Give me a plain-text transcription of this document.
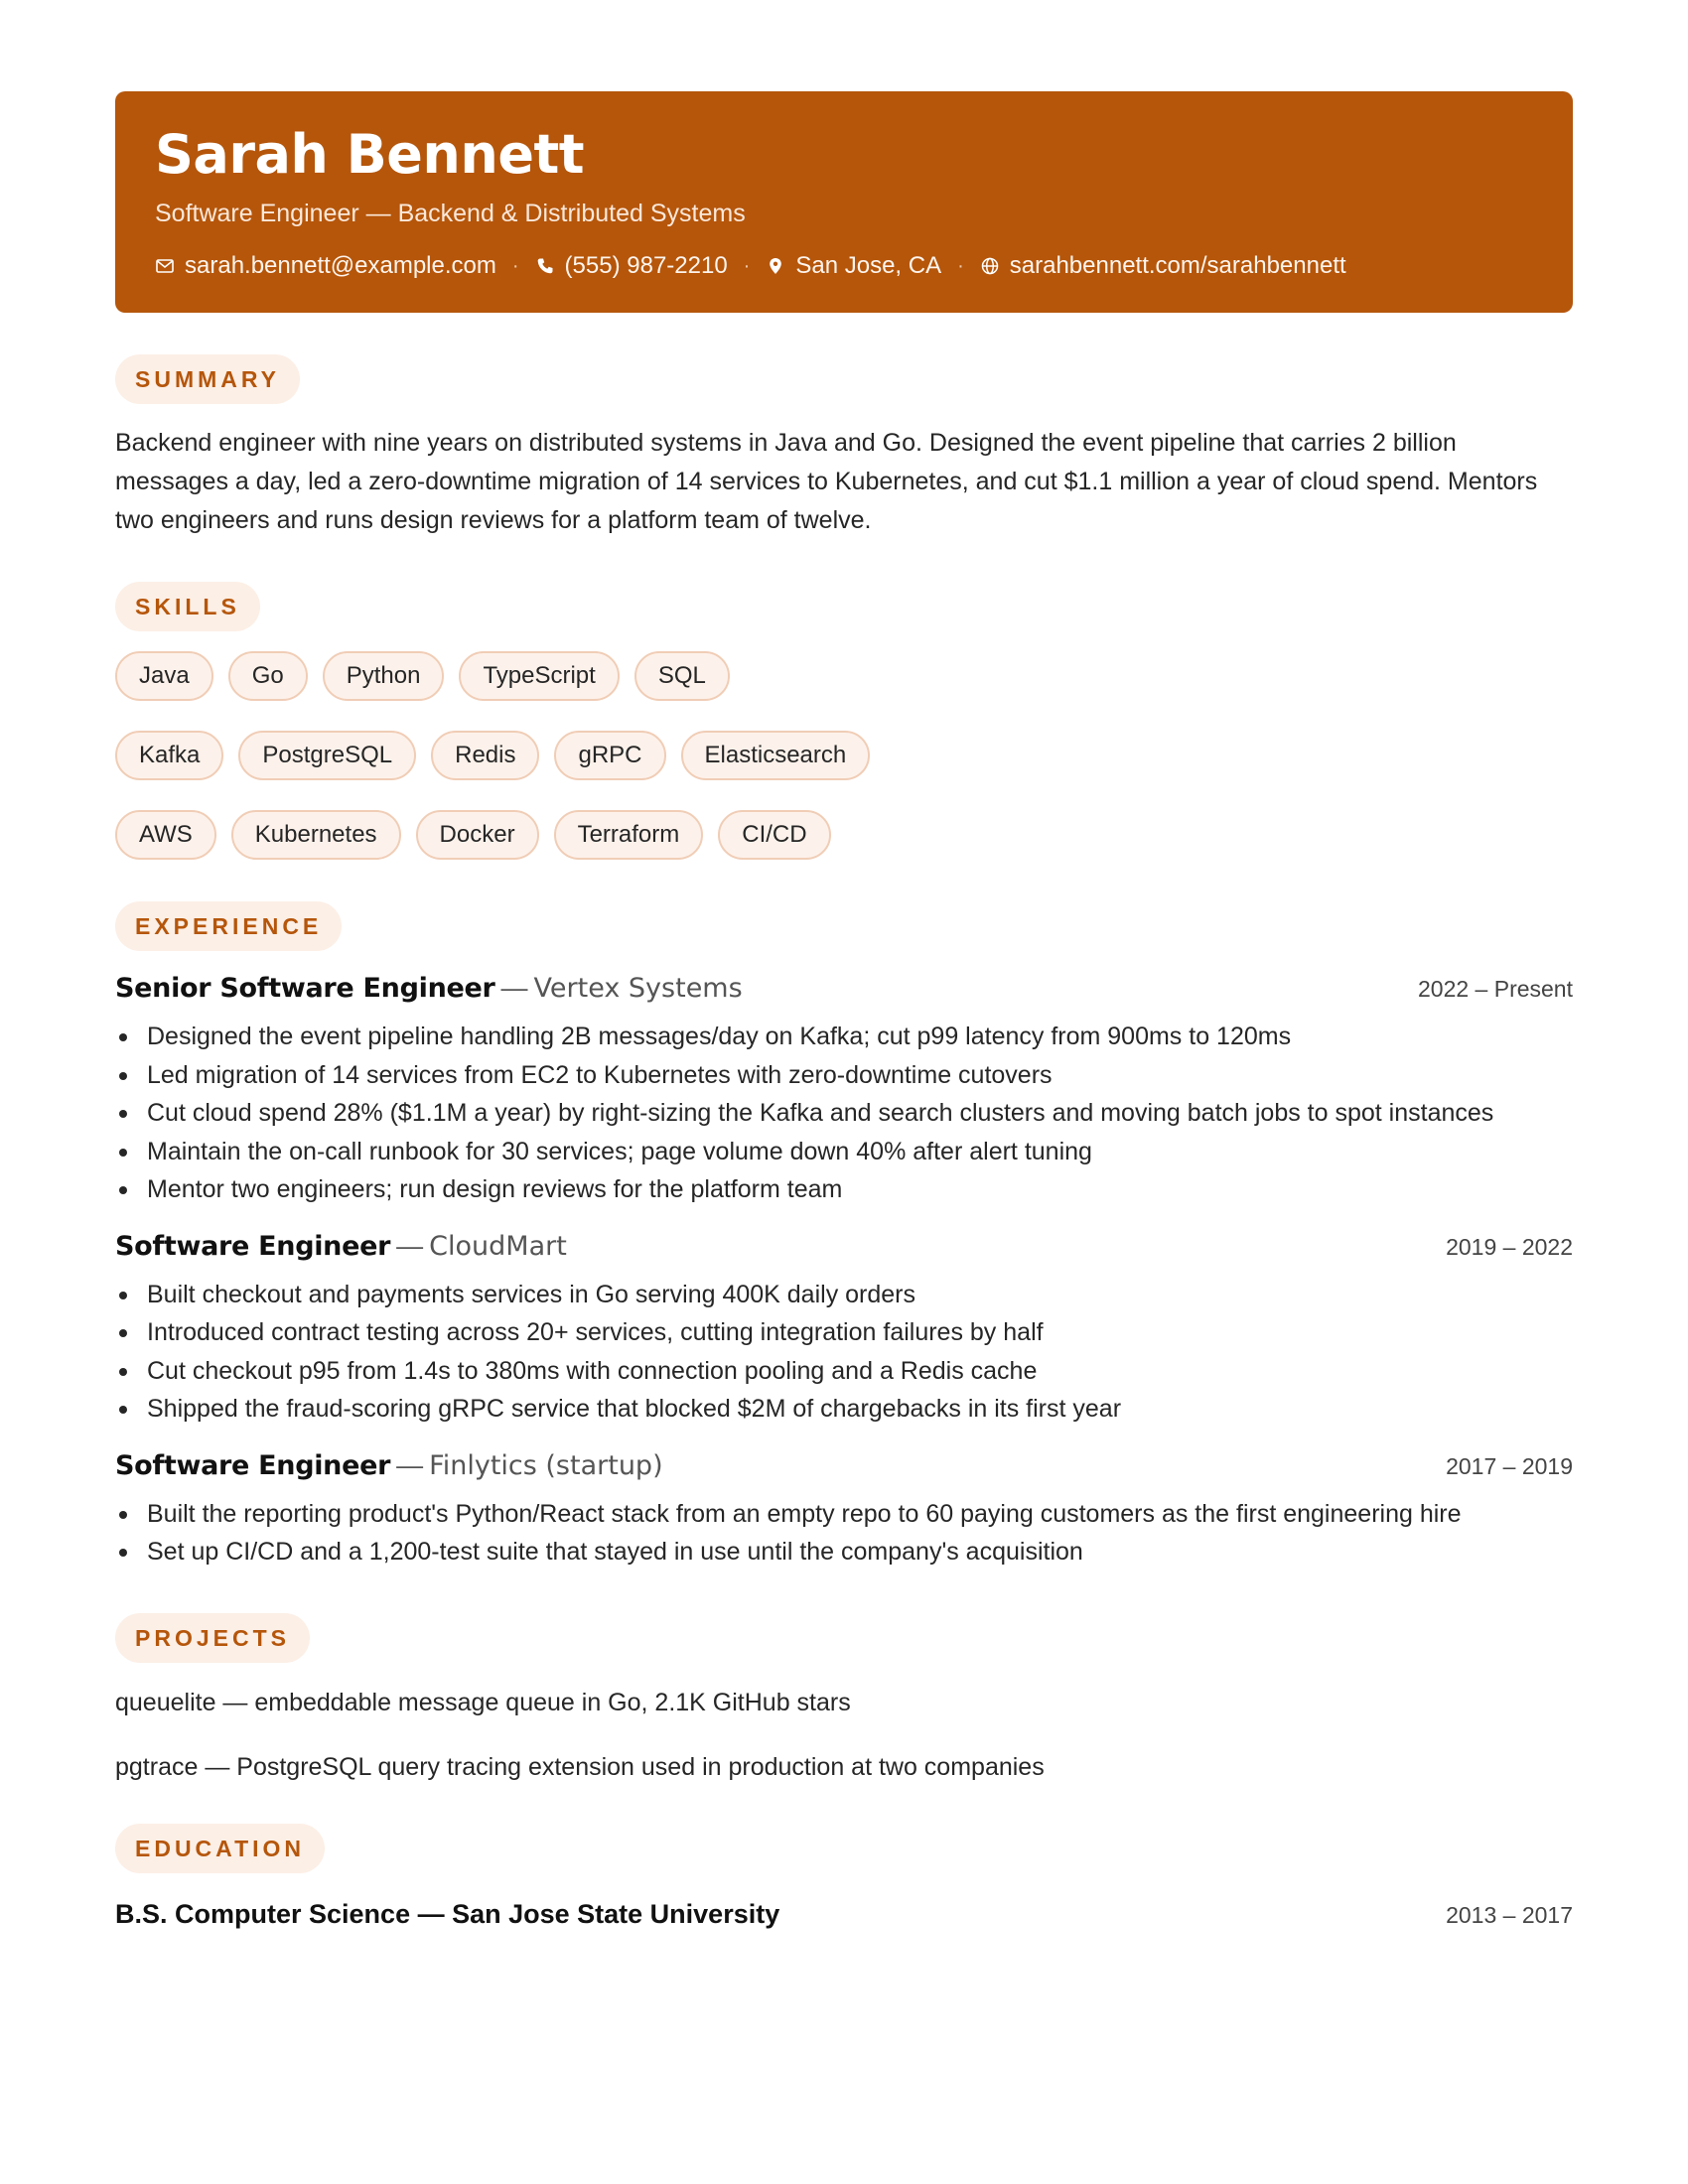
Sarah Bennett
Software Engineer — Backend & Distributed Systems
sarah.bennett@example.com · (555) 987-2210 · San Jose, CA · sarahbennett.com/sarahbennett
SUMMARY

Backend engineer with nine years on distributed systems in Java and Go. Designed the event pipeline that carries 2 billion messages a day, led a zero-downtime migration of 14 services to Kubernetes, and cut $1.1 million a year of cloud spend. Mentors two engineers and runs design reviews for a platform team of twelve.

SKILLS
Java	Go	Python	TypeScript	SQL
Kafka	PostgreSQL	Redis	gRPC	Elasticsearch
AWS	Kubernetes	Docker	Terraform	CI/CD
EXPERIENCE
Senior Software Engineer — Vertex Systems	2022 – Present
Designed the event pipeline handling 2B messages/day on Kafka; cut p99 latency from 900ms to 120ms
Led migration of 14 services from EC2 to Kubernetes with zero-downtime cutovers
Cut cloud spend 28% ($1.1M a year) by right-sizing the Kafka and search clusters and moving batch jobs to spot instances
Maintain the on-call runbook for 30 services; page volume down 40% after alert tuning
Mentor two engineers; run design reviews for the platform team
Software Engineer — CloudMart	2019 – 2022
Built checkout and payments services in Go serving 400K daily orders
Introduced contract testing across 20+ services, cutting integration failures by half
Cut checkout p95 from 1.4s to 380ms with connection pooling and a Redis cache
Shipped the fraud-scoring gRPC service that blocked $2M of chargebacks in its first year
Software Engineer — Finlytics (startup)	2017 – 2019
Built the reporting product's Python/React stack from an empty repo to 60 paying customers as the first engineering hire
Set up CI/CD and a 1,200-test suite that stayed in use until the company's acquisition
PROJECTS

queuelite — embeddable message queue in Go, 2.1K GitHub stars

pgtrace — PostgreSQL query tracing extension used in production at two companies

EDUCATION
B.S. Computer Science — San Jose State University	2013 – 2017
